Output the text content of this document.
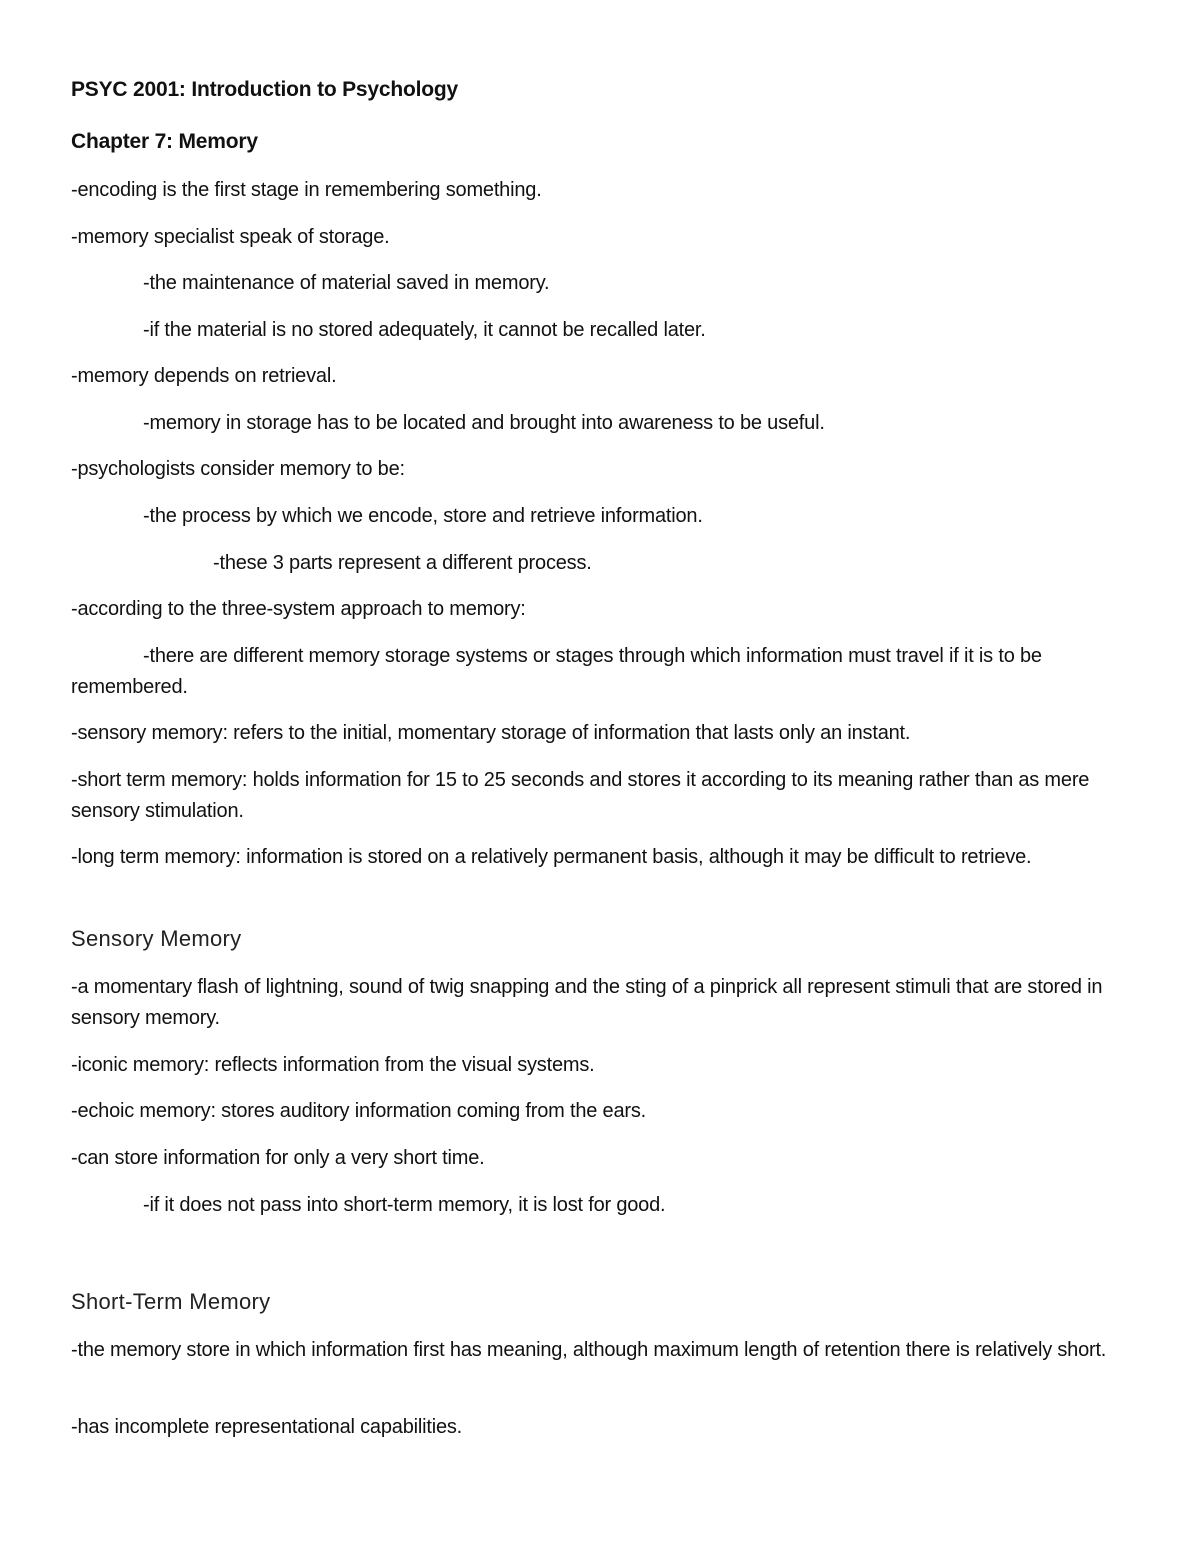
PSYC 2001: Introduction to Psychology
Chapter 7: Memory
-encoding is the first stage in remembering something.
-memory specialist speak of storage.
-the maintenance of material saved in memory.
-if the material is no stored adequately, it cannot be recalled later.
-memory depends on retrieval.
-memory in storage has to be located and brought into awareness to be useful.
-psychologists consider memory to be:
-the process by which we encode, store and retrieve information.
-these 3 parts represent a different process.
-according to the three-system approach to memory:
-there are different memory storage systems or stages through which information must travel if it is to be remembered.
-sensory memory: refers to the initial, momentary storage of information that lasts only an instant.
-short term memory: holds information for 15 to 25 seconds and stores it according to its meaning rather than as mere sensory stimulation.
-long term memory: information is stored on a relatively permanent basis, although it may be difficult to retrieve.
Sensory Memory
-a momentary flash of lightning, sound of twig snapping and the sting of a pinprick all represent stimuli that are stored in sensory memory.
-iconic memory: reflects information from the visual systems.
-echoic memory: stores auditory information coming from the ears.
-can store information for only a very short time.
-if it does not pass into short-term memory, it is lost for good.
Short-Term Memory
-the memory store in which information first has meaning, although maximum length of retention there is relatively short.
-has incomplete representational capabilities.
